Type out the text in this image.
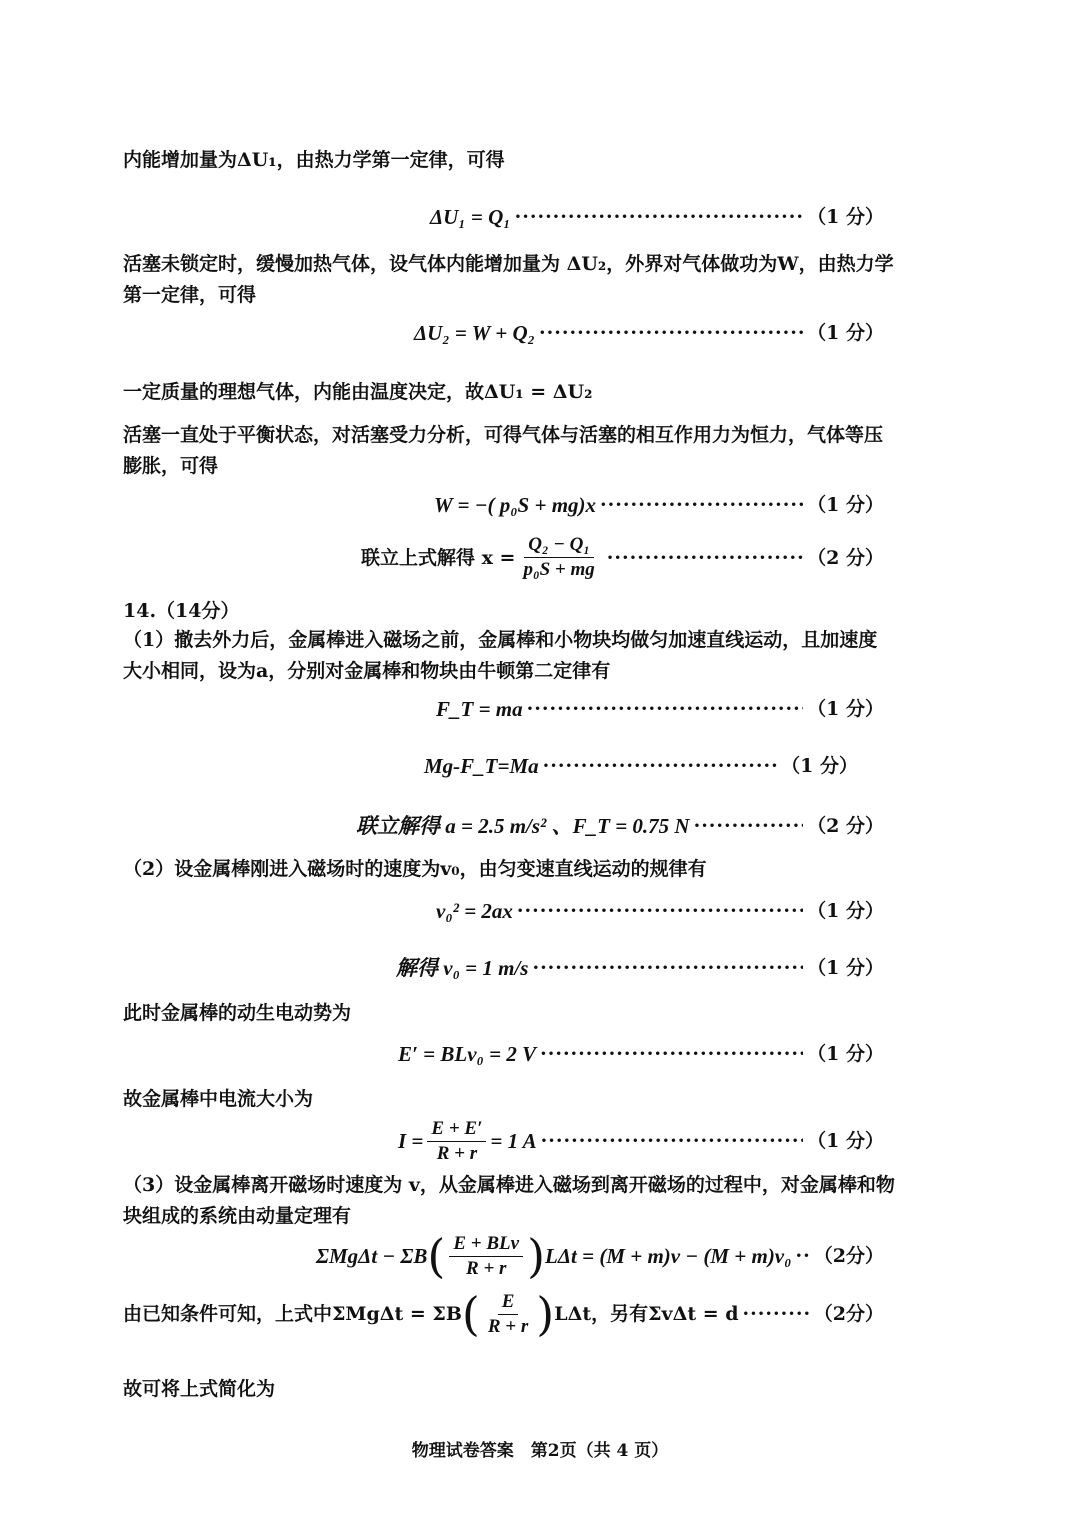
内能增加量为ΔU₁，由热力学第一定律，可得
ΔU₁ = Q₁ ·····	（1 分）
活塞未锁定时，缓慢加热气体，设气体内能增加量为 ΔU₂，外界对气体做功为W，由热力学第一定律，可得
ΔU₂ = W + Q₂ ·····	（1 分）
一定质量的理想气体，内能由温度决定，故ΔU₁ = ΔU₂
活塞一直处于平衡状态，对活塞受力分析，可得气体与活塞的相互作用力为恒力，气体等压膨胀，可得
W = −( p₀S + mg)x ·····	（1 分）
联立上式解得 $x = \frac{\text{Q₂ − Q₁}}{\text{p₀S + mg}}$ ·····	（2 分）
14.（14分）
（1）撤去外力后，金属棒进入磁场之前，金属棒和小物块均做匀加速直线运动，且加速度大小相同，设为a，分别对金属棒和物块由牛顿第二定律有
F_T = ma ·····	（1 分）
Mg-F_T=Ma ·····	（1 分）
联立解得 a = 2.5 m/s² 、F_T = 0.75 N ·····	（2 分）
（2）设金属棒刚进入磁场时的速度为v₀，由匀变速直线运动的规律有
v₀² = 2ax ·····	（1 分）
解得 v₀ = 1 m/s ·····	（1 分）
此时金属棒的动生电动势为
E′ = BLv₀ = 2 V ·····	（1 分）
故金属棒中电流大小为
$I = \frac{E + E'}{R + r} = 1$ A ·····	（1 分）
（3）设金属棒离开磁场时速度为 v，从金属棒进入磁场到离开磁场的过程中，对金属棒和物块组成的系统由动量定理有
ΣMgΔt − ΣB ( $\frac{\text{E + BLv}}{R + r}$ ) LΔt = (M + m)v − (M + m)v₀ ····· （2分）
由已知条件可知，上式中ΣMgΔt = ΣB ( $\frac{E}{R + r}$ ) LΔt，另有ΣvΔt = d ·····	（2分）
故可将上式简化为
物理试卷答案　第2页（共 4 页）
